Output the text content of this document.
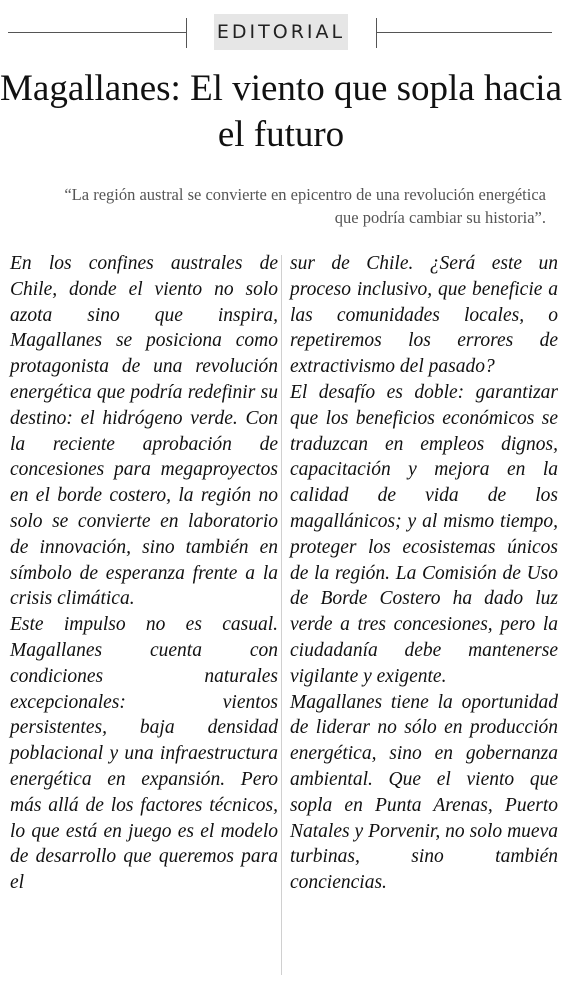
EDITORIAL
Magallanes: El viento que sopla hacia el futuro
“La región austral se convierte en epicentro de una revolución energética que podría cambiar su historia”.

En los confines australes de Chile, donde el viento no solo azota sino que inspira, Magallanes se posiciona como protagonista de una revolución energética que podría redefinir su destino: el hidrógeno verde. Con la reciente aprobación de concesiones para megaproyectos en el borde costero, la región no solo se convierte en laboratorio de innovación, sino también en símbolo de esperanza frente a la crisis climática.

Este impulso no es casual. Magallanes cuenta con condiciones naturales excepcionales: vientos persistentes, baja densidad poblacional y una infraestructura energética en expansión. Pero más allá de los factores técnicos, lo que está en juego es el modelo de desarrollo que queremos para el

sur de Chile. ¿Será este un proceso inclusivo, que beneficie a las comunidades locales, o repetiremos los errores de extractivismo del pasado?

El desafío es doble: garantizar que los beneficios económicos se traduzcan en empleos dignos, capacitación y mejora en la calidad de vida de los magallánicos; y al mismo tiempo, proteger los ecosistemas únicos de la región. La Comisión de Uso de Borde Costero ha dado luz verde a tres concesiones, pero la ciudadanía debe mantenerse vigilante y exigente.

Magallanes tiene la oportunidad de liderar no sólo en producción energética, sino en gobernanza ambiental. Que el viento que sopla en Punta Arenas, Puerto Natales y Porvenir, no solo mueva turbinas, sino también conciencias.
